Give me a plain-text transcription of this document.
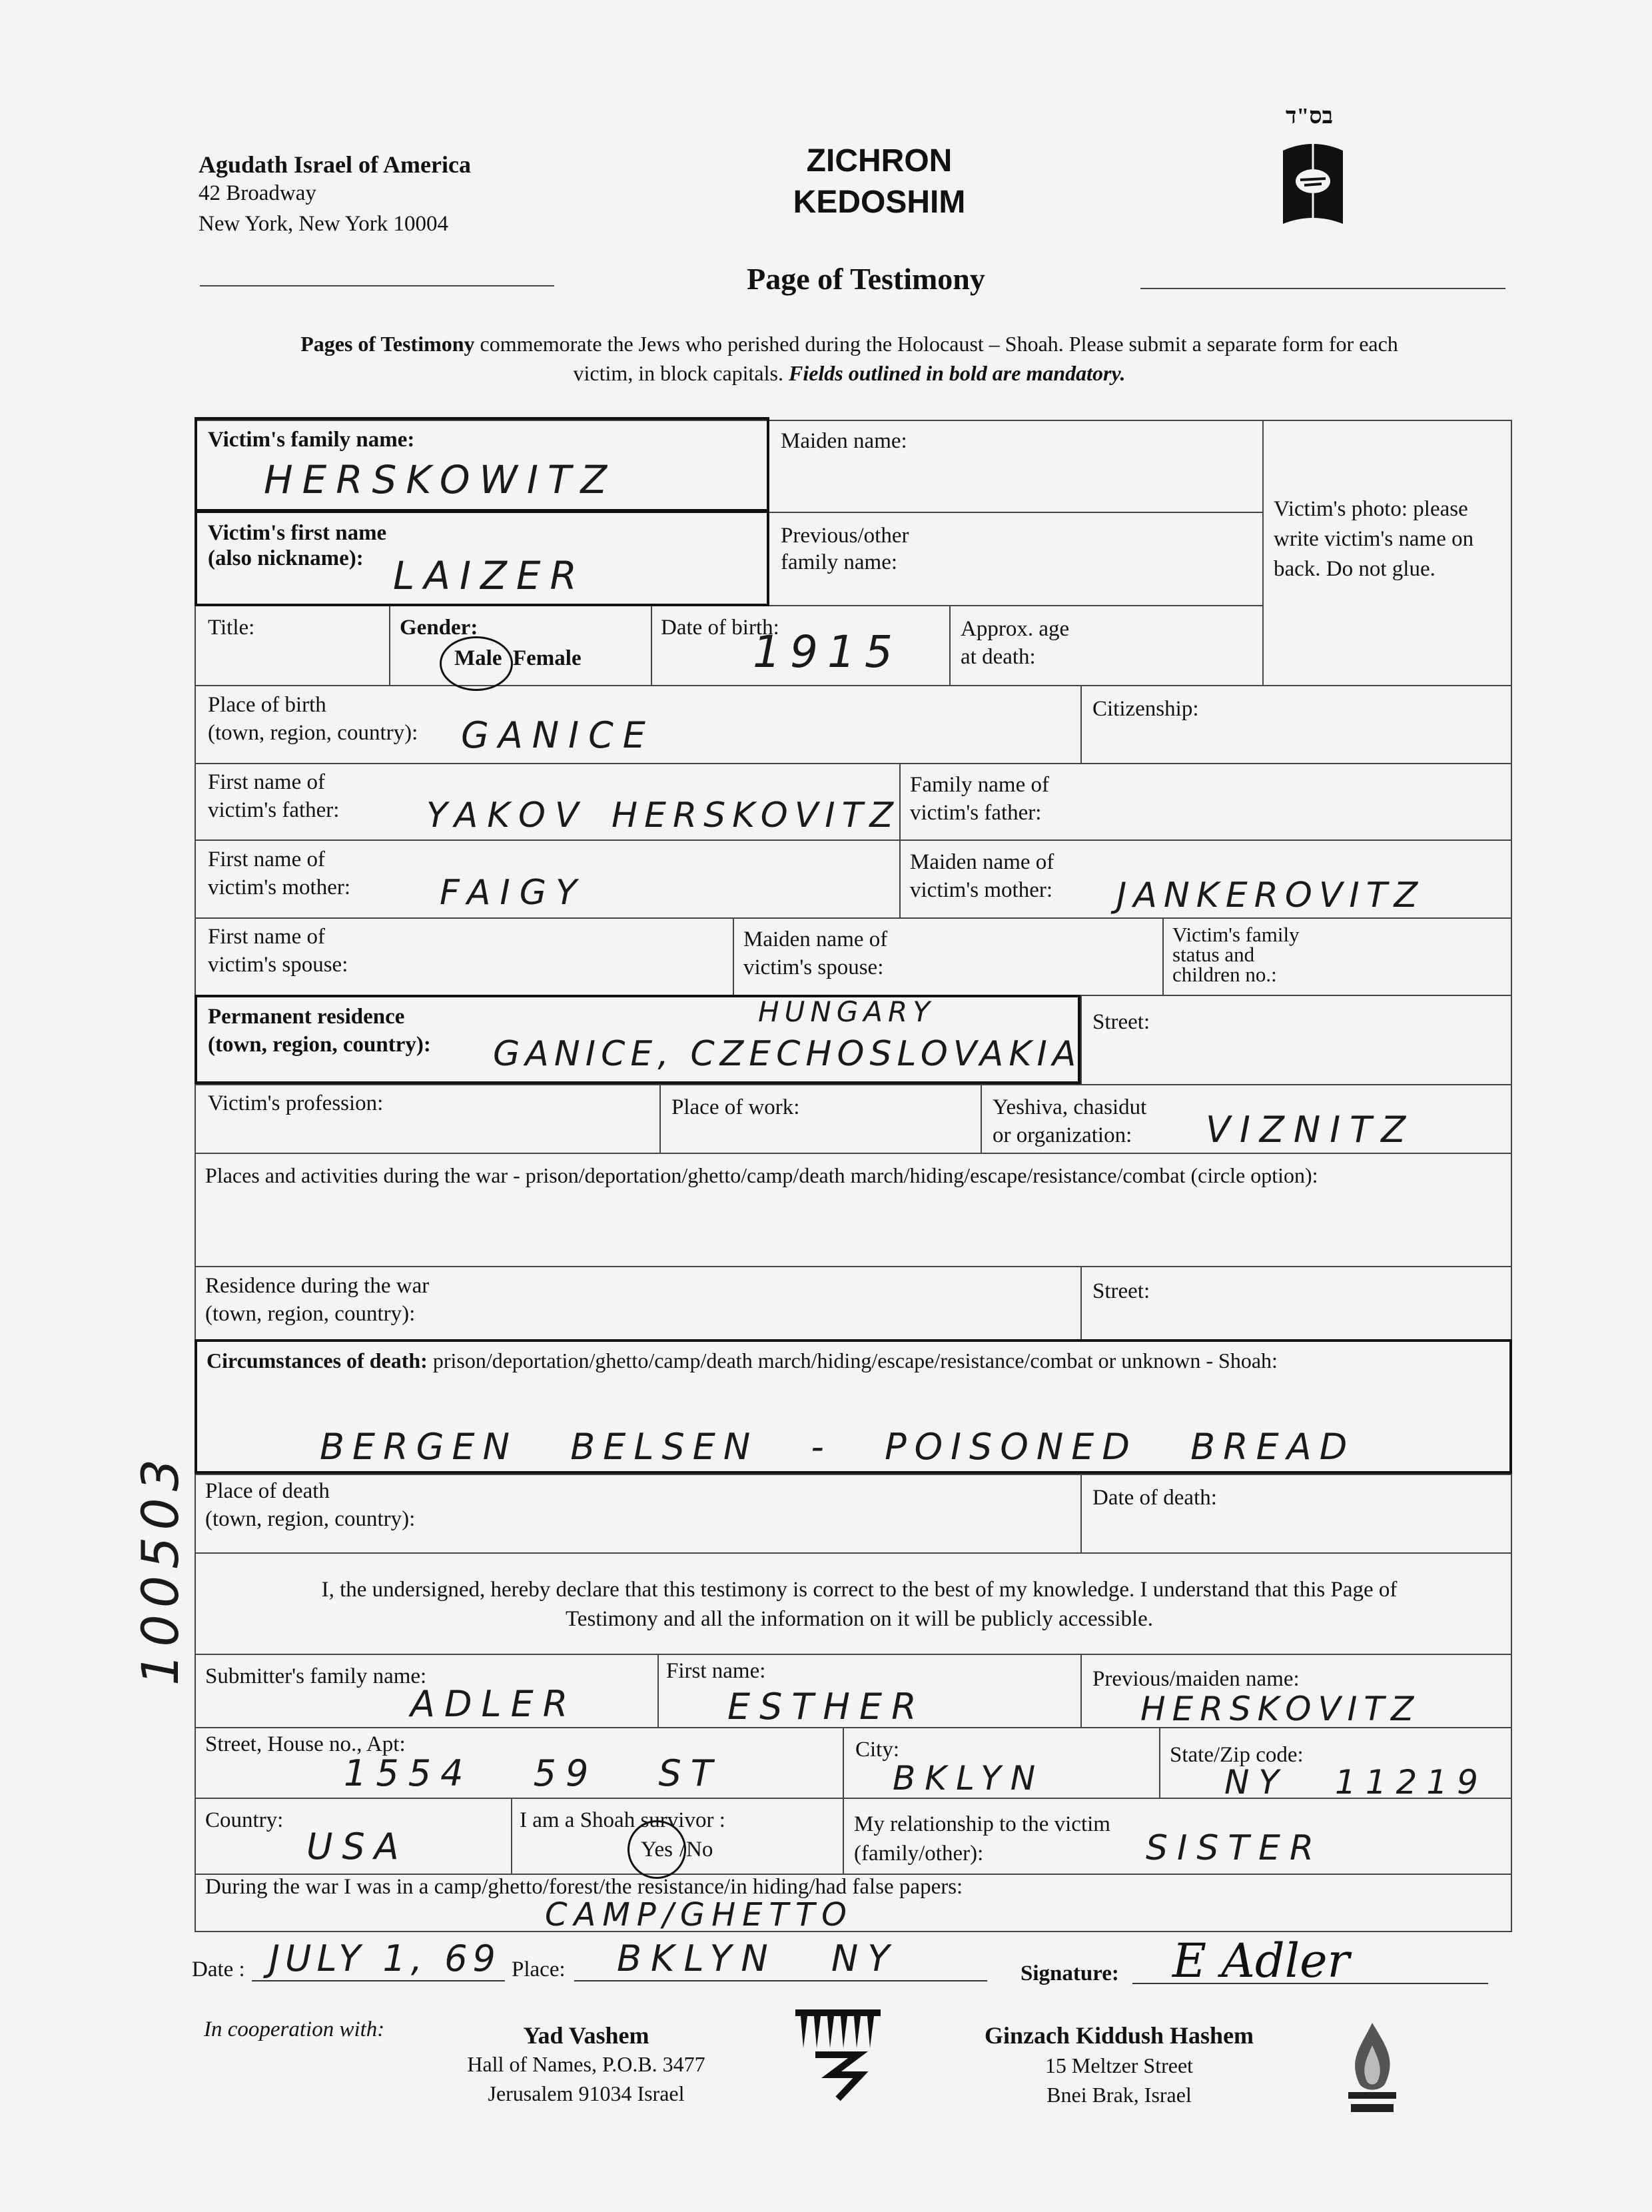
Agudath Israel of America
42 Broadway
New York, New York 10004
ZICHRON
KEDOSHIM
בס"ד
Page of Testimony
Pages of Testimony commemorate the Jews who perished during the Holocaust – Shoah. Please submit a separate form for each
victim, in block capitals. Fields outlined in bold are mandatory.
Victim's family name:
HERSKOWITZ
Maiden name:
Victim's photo: please write victim's name on back. Do not glue.
Victim's first name
(also nickname): LAIZER
Previous/other
family name:
Title:	Gender:
Male Female
Date of birth:
1915	Approx. age
at death:
Place of birth
(town, region, country): GANICE
Citizenship:
First name of
victim's father:	YAKOV HERSKOVITZ
Family name of
victim's father:
First name of
victim's mother:	FAIGY
Maiden name of
victim's mother: JANKEROVITZ
First name of
victim's spouse:
Maiden name of
victim's spouse:
Victim's family
status and
children no.:
Permanent residence
(town, region, country):
HUNGARY
GANICE, CZECHOSLOVAKIA
Street:
Victim's profession:	Place of work:	Yeshiva, chasidut
or organization: VIZNITZ
Places and activities during the war - prison/deportation/ghetto/camp/death march/hiding/escape/resistance/combat (circle option):
Residence during the war
(town, region, country):
Street:
Circumstances of death: prison/deportation/ghetto/camp/death march/hiding/escape/resistance/combat or unknown - Shoah:
BERGEN BELSEN - POISONED BREAD
Place of death
(town, region, country):
Date of death:
I, the undersigned, hereby declare that this testimony is correct to the best of my knowledge. I understand that this Page of
Testimony and all the information on it will be publicly accessible.
Submitter's family name:
ADLER
First name:
ESTHER
Previous/maiden name:
HERSKOVITZ
Street, House no., Apt:
1554 59 ST
City:
BKLYN
State/Zip code:
NY 11219
Country:
USA
I am a Shoah survivor :
Yes / No
My relationship to the victim
(family/other):	SISTER
During the war I was in a camp/ghetto/forest/the resistance/in hiding/had false papers:
CAMP/GHETTO
Date : JULY 1, 69 Place: BKLYN NY	Signature: E Adler
100503
In cooperation with:	Yad Vashem
Hall of Names, P.O.B. 3477
Jerusalem 91034 Israel
Ginzach Kiddush Hashem
15 Meltzer Street
Bnei Brak, Israel
